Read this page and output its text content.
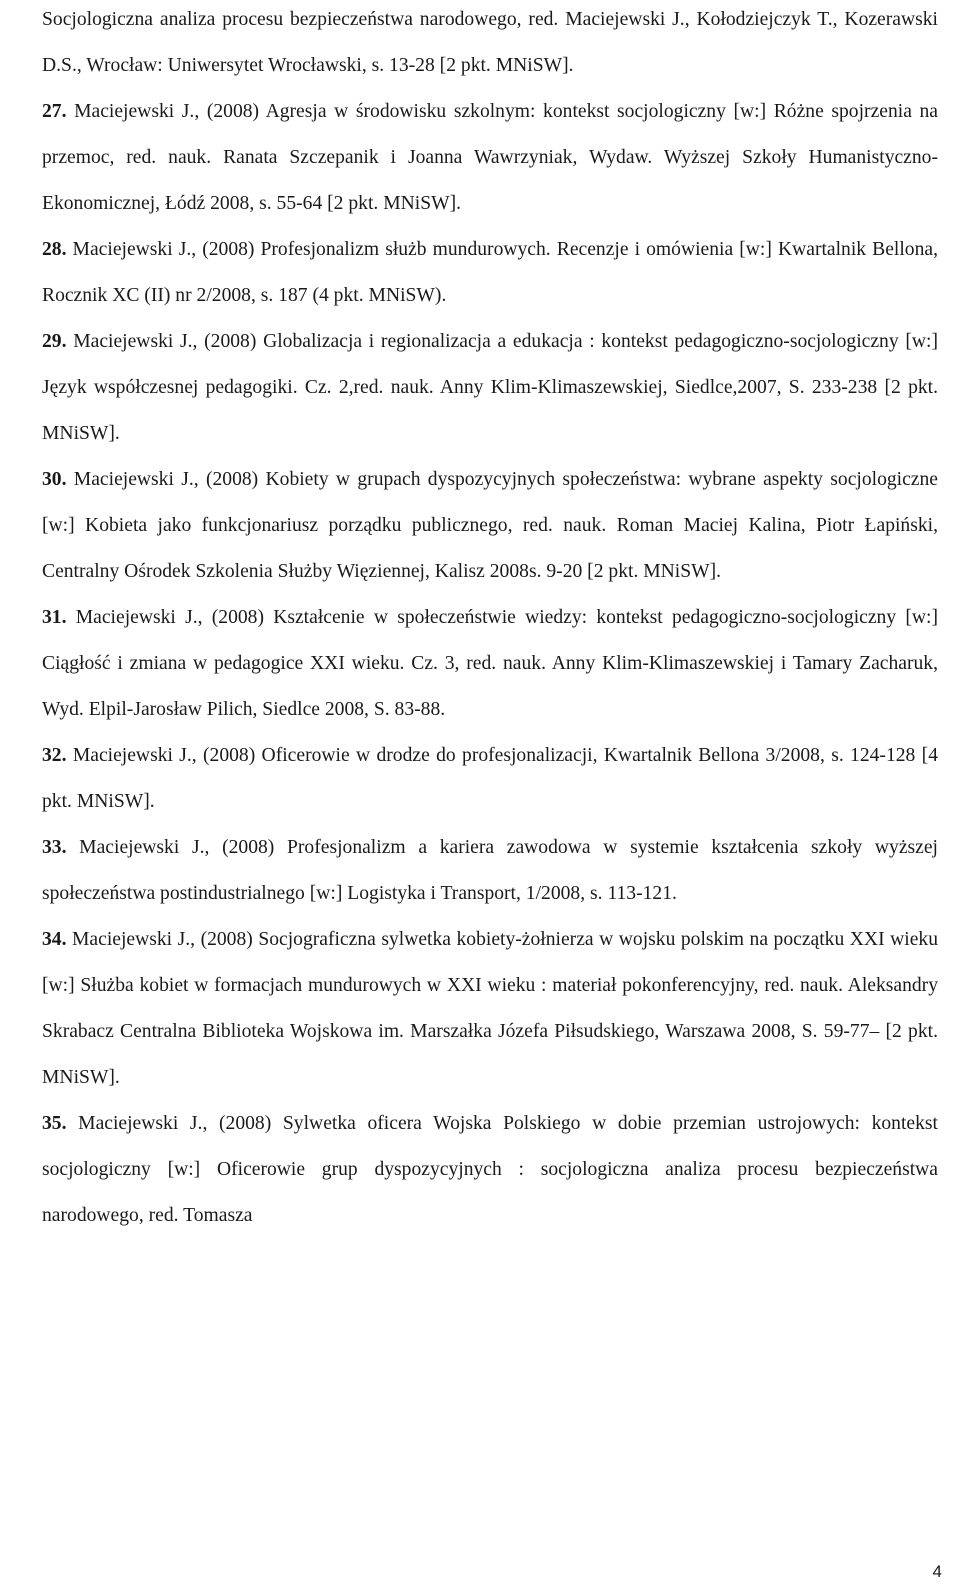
Socjologiczna analiza procesu bezpieczeństwa narodowego, red. Maciejewski J., Kołodziejczyk T., Kozerawski D.S., Wrocław: Uniwersytet Wrocławski, s. 13-28 [2 pkt. MNiSW].

27. Maciejewski J., (2008) Agresja w środowisku szkolnym: kontekst socjologiczny [w:] Różne spojrzenia na przemoc, red. nauk. Ranata Szczepanik i Joanna Wawrzyniak, Wydaw. Wyższej Szkoły Humanistyczno-Ekonomicznej, Łódź 2008, s. 55-64 [2 pkt. MNiSW].

28. Maciejewski J., (2008) Profesjonalizm służb mundurowych. Recenzje i omówienia [w:] Kwartalnik Bellona, Rocznik XC (II) nr 2/2008, s. 187 (4 pkt. MNiSW).

29. Maciejewski J., (2008) Globalizacja i regionalizacja a edukacja : kontekst pedagogiczno-socjologiczny [w:] Język współczesnej pedagogiki. Cz. 2,red. nauk. Anny Klim-Klimaszewskiej, Siedlce,2007, S. 233-238 [2 pkt. MNiSW].

30. Maciejewski J., (2008) Kobiety w grupach dyspozycyjnych społeczeństwa: wybrane aspekty socjologiczne [w:] Kobieta jako funkcjonariusz porządku publicznego, red. nauk. Roman Maciej Kalina, Piotr Łapiński, Centralny Ośrodek Szkolenia Służby Więziennej, Kalisz 2008s. 9-20 [2 pkt. MNiSW].

31. Maciejewski J., (2008) Kształcenie w społeczeństwie wiedzy: kontekst pedagogiczno-socjologiczny [w:] Ciągłość i zmiana w pedagogice XXI wieku. Cz. 3, red. nauk. Anny Klim-Klimaszewskiej i Tamary Zacharuk, Wyd. Elpil-Jarosław Pilich, Siedlce 2008, S. 83-88.

32. Maciejewski J., (2008) Oficerowie w drodze do profesjonalizacji, Kwartalnik Bellona 3/2008, s. 124-128 [4 pkt. MNiSW].

33. Maciejewski J., (2008) Profesjonalizm a kariera zawodowa w systemie kształcenia szkoły wyższej społeczeństwa postindustrialnego [w:] Logistyka i Transport, 1/2008, s. 113-121.

34. Maciejewski J., (2008) Socjograficzna sylwetka kobiety-żołnierza w wojsku polskim na początku XXI wieku [w:] Służba kobiet w formacjach mundurowych w XXI wieku : materiał pokonferencyjny, red. nauk. Aleksandry Skrabacz Centralna Biblioteka Wojskowa im. Marszałka Józefa Piłsudskiego, Warszawa 2008, S. 59-77– [2 pkt. MNiSW].

35. Maciejewski J., (2008) Sylwetka oficera Wojska Polskiego w dobie przemian ustrojowych: kontekst socjologiczny [w:] Oficerowie grup dyspozycyjnych : socjologiczna analiza procesu bezpieczeństwa narodowego, red. Tomasza

4
